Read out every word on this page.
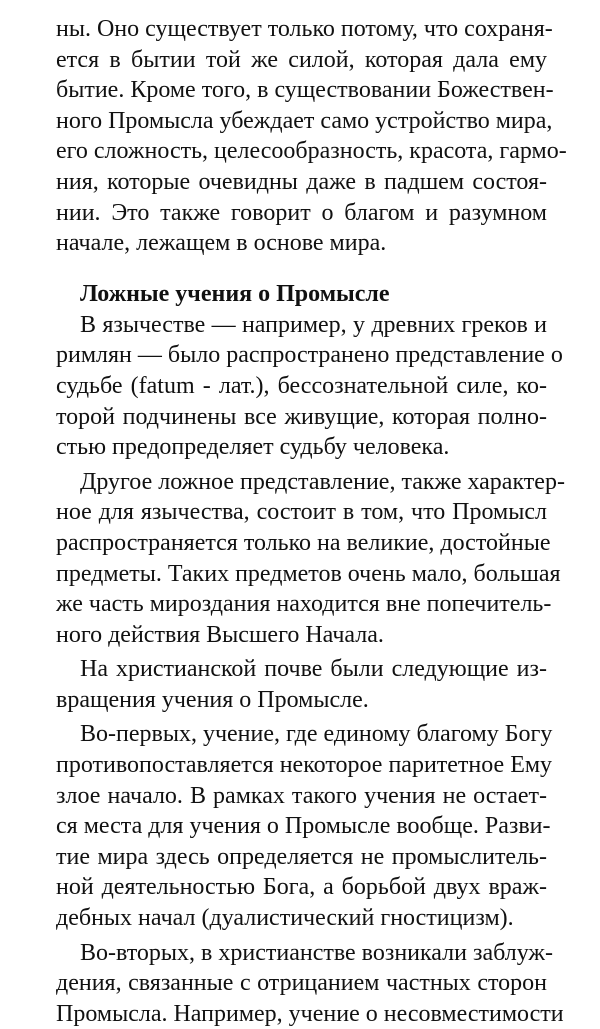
ны. Оно существует только потому, что сохраня-
ется в бытии той же силой, которая дала ему
бытие. Кроме того, в существовании Божествен-
ного Промысла убеждает само устройство мира,
его сложность, целесообразность, красота, гармо-
ния, которые очевидны даже в падшем состоя-
нии. Это также говорит о благом и разумном
начале, лежащем в основе мира.
Ложные учения о Промысле
В язычестве — например, у древних греков и
римлян — было распространено представление о
судьбе (fatum - лат.), бессознательной силе, ко-
торой подчинены все живущие, которая полно-
стью предопределяет судьбу человека.
Другое ложное представление, также характер-
ное для язычества, состоит в том, что Промысл
распространяется только на великие, достойные
предметы. Таких предметов очень мало, большая
же часть мироздания находится вне попечитель-
ного действия Высшего Начала.
На христианской почве были следующие из-
вращения учения о Промысле.
Во-первых, учение, где единому благому Богу
противопоставляется некоторое паритетное Ему
злое начало. В рамках такого учения не остает-
ся места для учения о Промысле вообще. Разви-
тие мира здесь определяется не промыслитель-
ной деятельностью Бога, а борьбой двух враж-
дебных начал (дуалистический гностицизм).
Во-вторых, в христианстве возникали заблуж-
дения, связанные с отрицанием частных сторон
Промысла. Например, учение о несовместимости
